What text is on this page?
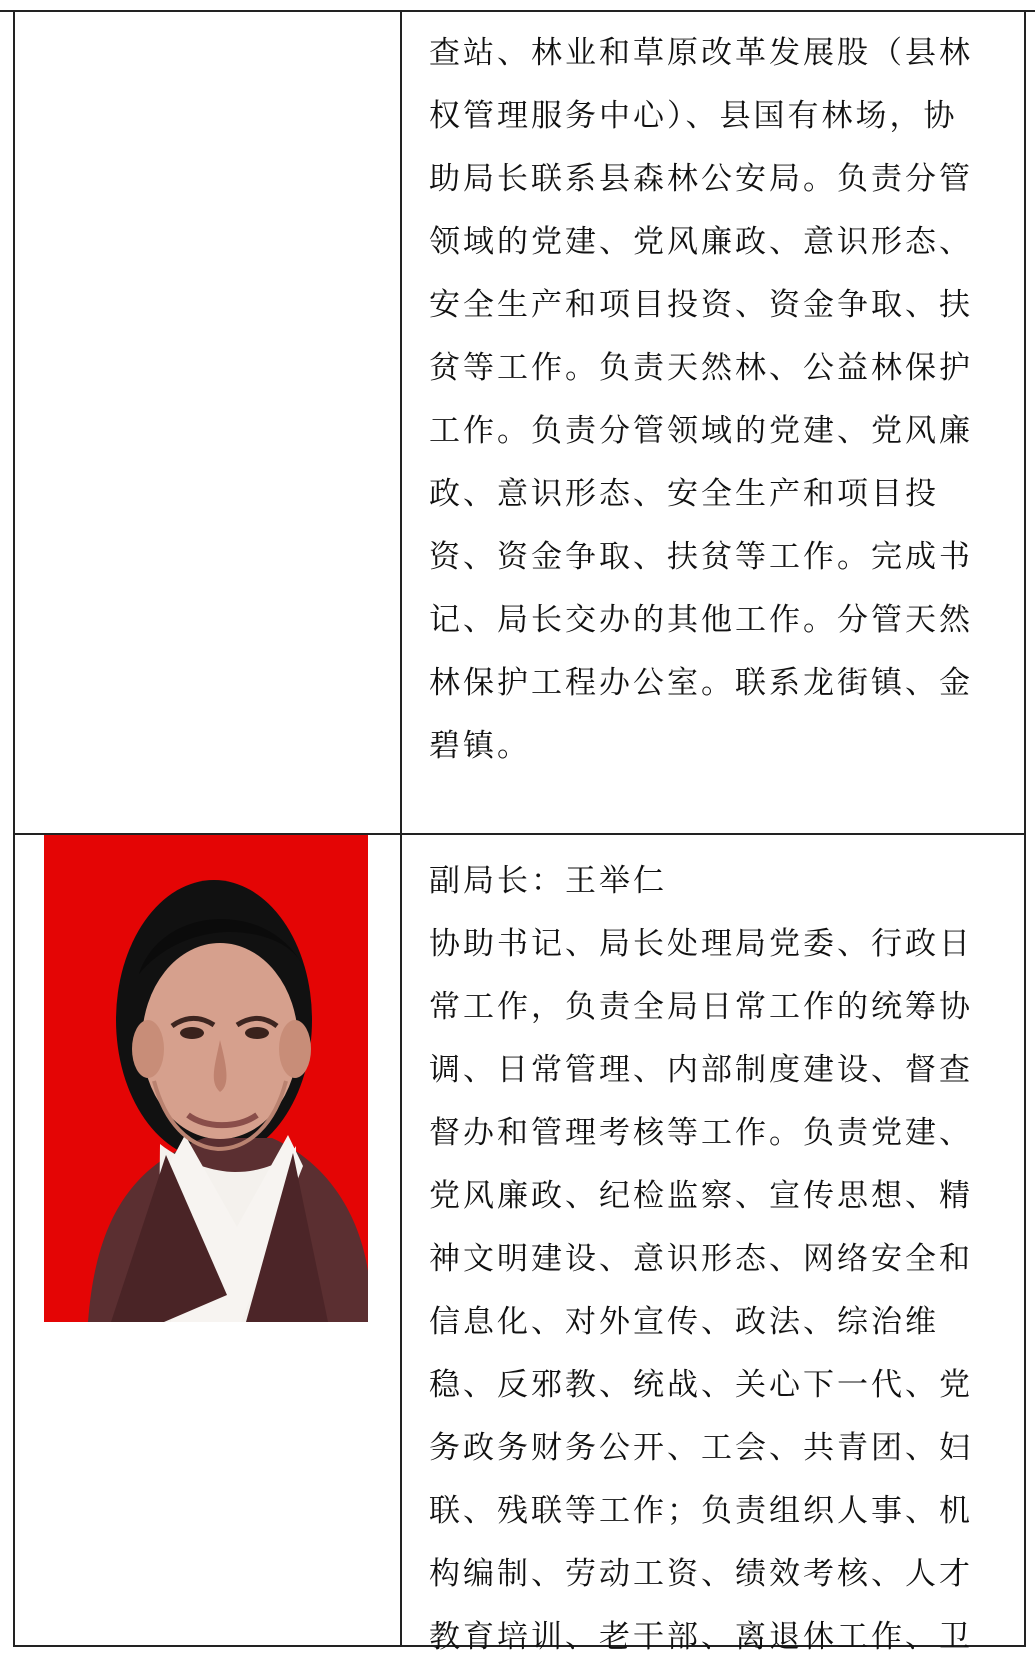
查站、林业和草原改革发展股（县林
权管理服务中心）、县国有林场，协
助局长联系县森林公安局。负责分管
领域的党建、党风廉政、意识形态、
安全生产和项目投资、资金争取、扶
贫等工作。负责天然林、公益林保护
工作。负责分管领域的党建、党风廉
政、意识形态、安全生产和项目投
资、资金争取、扶贫等工作。完成书
记、局长交办的其他工作。分管天然
林保护工程办公室。联系龙街镇、金
碧镇。
副局长：王举仁
协助书记、局长处理局党委、行政日
常工作，负责全局日常工作的统筹协
调、日常管理、内部制度建设、督查
督办和管理考核等工作。负责党建、
党风廉政、纪检监察、宣传思想、精
神文明建设、意识形态、网络安全和
信息化、对外宣传、政法、综治维
稳、反邪教、统战、关心下一代、党
务政务财务公开、工会、共青团、妇
联、残联等工作；负责组织人事、机
构编制、劳动工资、绩效考核、人才
教育培训、老干部、离退休工作、卫
